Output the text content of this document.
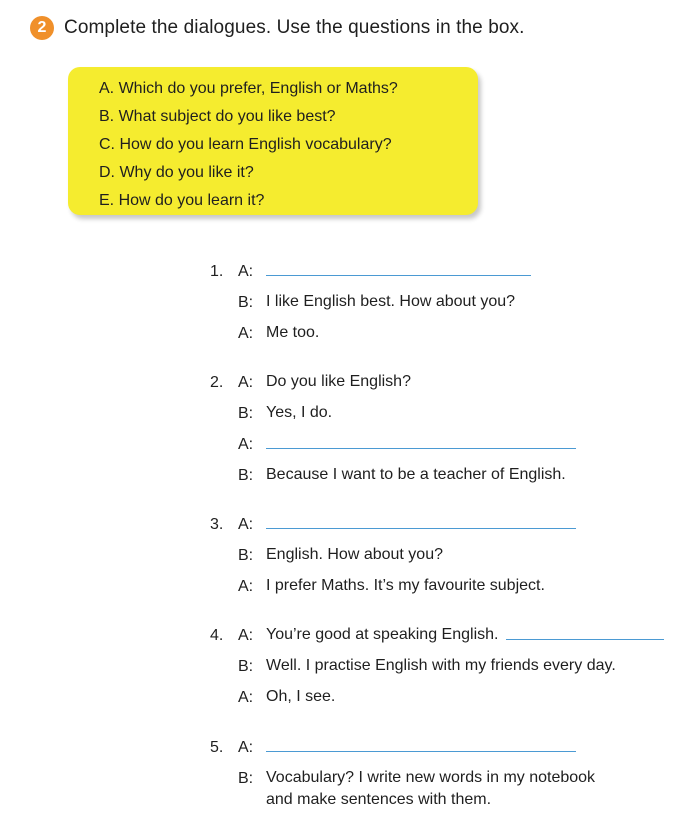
2 Complete the dialogues. Use the questions in the box.
A. Which do you prefer, English or Maths?
B. What subject do you like best?
C. How do you learn English vocabulary?
D. Why do you like it?
E. How do you learn it?
1. A:
B: I like English best. How about you?
A: Me too.
2. A: Do you like English?
B: Yes, I do.
A:
B: Because I want to be a teacher of English.
3. A:
B: English. How about you?
A: I prefer Maths. It’s my favourite subject.
4. A: You’re good at speaking English.
B: Well. I practise English with my friends every day.
A: Oh, I see.
5. A:
B: Vocabulary? I write new words in my notebook
and make sentences with them.
